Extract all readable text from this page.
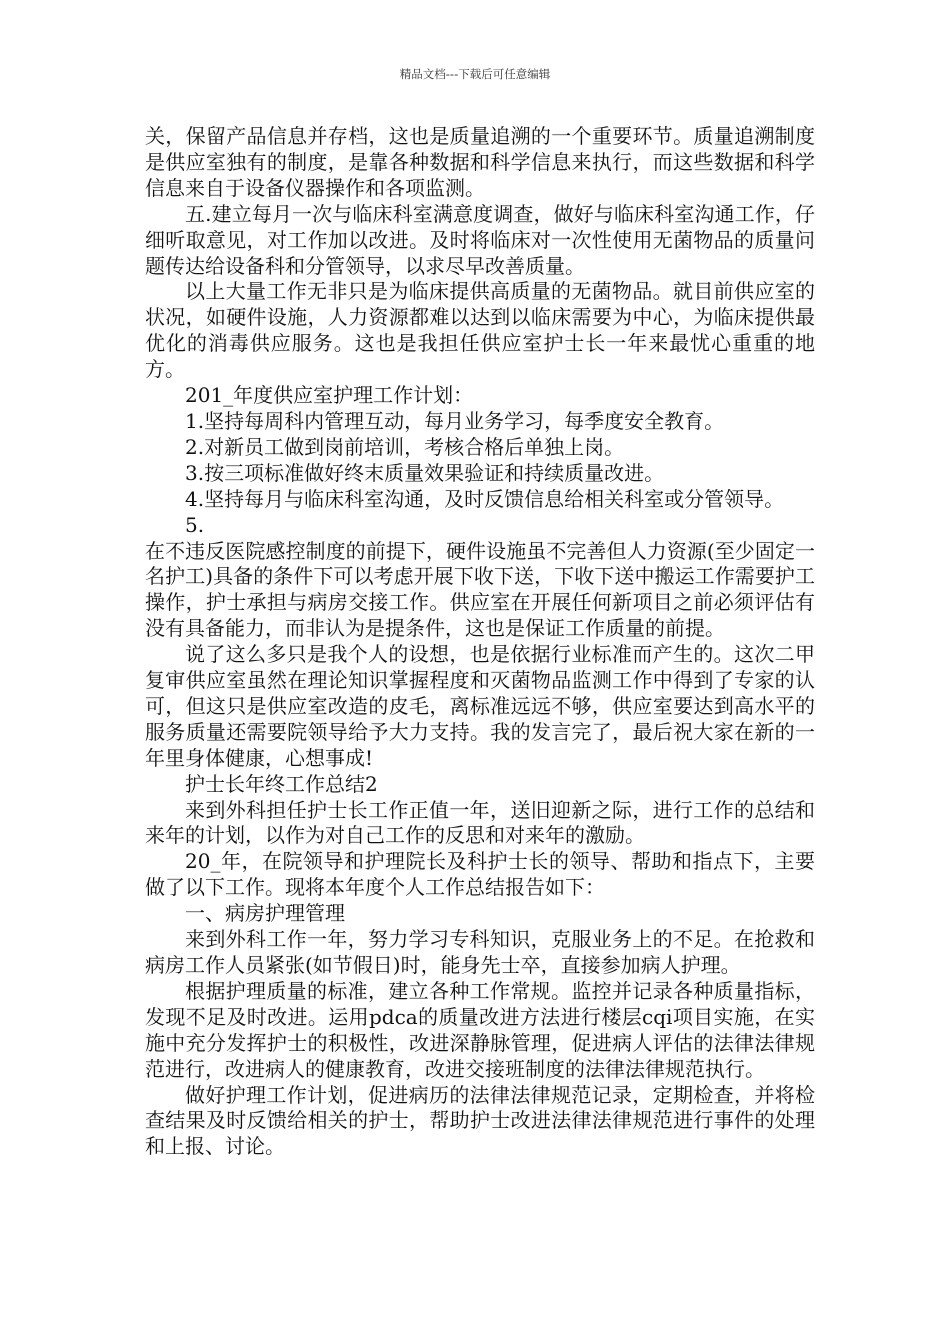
精品文档---下载后可任意编辑

关，保留产品信息并存档，这也是质量追溯的一个重要环节。质量追溯制度是供应室独有的制度，是靠各种数据和科学信息来执行，而这些数据和科学信息来自于设备仪器操作和各项监测。

五.建立每月一次与临床科室满意度调查，做好与临床科室沟通工作，仔细听取意见，对工作加以改进。及时将临床对一次性使用无菌物品的质量问题传达给设备科和分管领导，以求尽早改善质量。

以上大量工作无非只是为临床提供高质量的无菌物品。就目前供应室的状况，如硬件设施，人力资源都难以达到以临床需要为中心，为临床提供最优化的消毒供应服务。这也是我担任供应室护士长一年来最忧心重重的地方。

201_年度供应室护理工作计划：

1.坚持每周科内管理互动，每月业务学习，每季度安全教育。

2.对新员工做到岗前培训，考核合格后单独上岗。

3.按三项标准做好终末质量效果验证和持续质量改进。

4.坚持每月与临床科室沟通，及时反馈信息给相关科室或分管领导。

5.

在不违反医院感控制度的前提下，硬件设施虽不完善但人力资源(至少固定一名护工)具备的条件下可以考虑开展下收下送，下收下送中搬运工作需要护工操作，护士承担与病房交接工作。供应室在开展任何新项目之前必须评估有没有具备能力，而非认为是提条件，这也是保证工作质量的前提。

说了这么多只是我个人的设想，也是依据行业标准而产生的。这次二甲复审供应室虽然在理论知识掌握程度和灭菌物品监测工作中得到了专家的认可，但这只是供应室改造的皮毛，离标准远远不够，供应室要达到高水平的服务质量还需要院领导给予大力支持。我的发言完了，最后祝大家在新的一年里身体健康，心想事成!

护士长年终工作总结2

来到外科担任护士长工作正值一年，送旧迎新之际，进行工作的总结和来年的计划，以作为对自己工作的反思和对来年的激励。

20_年，在院领导和护理院长及科护士长的领导、帮助和指点下，主要做了以下工作。现将本年度个人工作总结报告如下：

一、病房护理管理

来到外科工作一年，努力学习专科知识，克服业务上的不足。在抢救和病房工作人员紧张(如节假日)时，能身先士卒，直接参加病人护理。

根据护理质量的标准，建立各种工作常规。监控并记录各种质量指标，发现不足及时改进。运用pdca的质量改进方法进行楼层cqi项目实施，在实施中充分发挥护士的积极性，改进深静脉管理，促进病人评估的法律法律规范进行，改进病人的健康教育，改进交接班制度的法律法律规范执行。

做好护理工作计划，促进病历的法律法律规范记录，定期检查，并将检查结果及时反馈给相关的护士，帮助护士改进法律法律规范进行事件的处理和上报、讨论。
